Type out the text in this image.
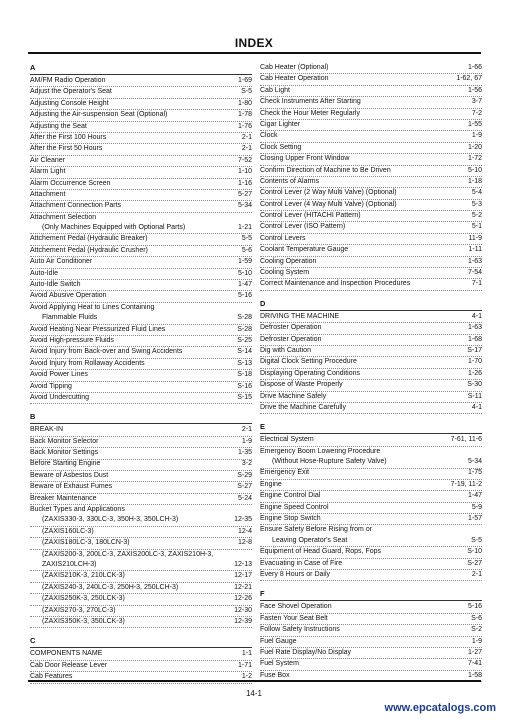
INDEX
A
AM/FM Radio Operation	1-69
Adjust the Operator's Seat	S-5
Adjusting Console Height	1-80
Adjusting the Air-suspension Seat (Optional)	1-78
Adjusting the Seat	1-76
After the First 100 Hours	2-1
After the First 50 Hours	2-1
Air Cleaner	7-52
Alarm Light	1-10
Alarm Occurrence Screen	1-16
Attachment	5-27
Attachment Connection Parts	5-34
Attachment Selection
(Only Machines Equipped with Optional Parts)	1-21
Attchement Pedal (Hydraulic Breaker)	5-5
Attchement Pedal (Hydraulic Crusher)	5-6
Auto Air Conditioner	1-59
Auto-Idle	5-10
Auto-Idle Switch	1-47
Avoid Abusive Operation	5-16
Avoid Applying Heat to Lines Containing
Flammable Fluids	S-28
Avoid Heating Near Pressurized Fluid Lines	S-28
Avoid High-pressure Fluids	S-25
Avoid Injury from Back-over and Swing Accidents	S-14
Avoid Injury from Rollaway Accidents	S-13
Avoid Power Lines	S-18
Avoid Tipping	S-16
Avoid Undercutting	S-15
B
BREAK-IN	2-1
Back Monitor Selector	1-9
Back Monitor Settings	1-35
Before Starting Engine	3-2
Beware of Asbestos Dust	S-29
Beware of Exhaust Fumes	S-27
Breaker Maintenance	5-24
Bucket Types and Applications
(ZAXIS330-3, 330LC-3, 350H-3, 350LCH-3)	12-35
(ZAXIS160LC-3)	12-4
(ZAXIS180LC-3, 180LCN-3)	12-8
(ZAXIS200-3, 200LC-3, ZAXIS200LC-3, ZAXIS210H-3,
ZAXIS210LCH-3)	12-13
(ZAXIS210K-3, 210LCK-3)	12-17
(ZAXIS240-3, 240LC-3, 250H-3, 250LCH-3)	12-21
(ZAXIS250K-3, 250LCK-3)	12-26
(ZAXIS270-3, 270LC-3)	12-30
(ZAXIS350K-3, 350LCK-3)	12-39
C
COMPONENTS NAME	1-1
Cab Door Release Lever	1-71
Cab Features	1-2
Cab Heater (Optional)	1-66
Cab Heater Operation	1-62, 67
Cab Light	1-56
Check Instruments After Starting	3-7
Check the Hour Meter Regularly	7-2
Cigar Lighter	1-55
Clock	1-9
Clock Setting	1-20
Closing Upper Front Window	1-72
Confirm Direction of Machine to Be Driven	5-10
Contents of Alarms	1-18
Control Lever (2 Way Multi Valve) (Optional)	5-4
Control Lever (4 Way Multi Valve) (Optional)	5-3
Control Lever (HITACHI Pattern)	5-2
Control Lever (ISO Pattern)	5-1
Control Levers	11-9
Coolant Temperature Gauge	1-11
Cooling Operation	1-63
Cooling System	7-54
Correct Maintenance and Inspection Procedures	7-1
D
DRIVING THE MACHINE	4-1
Defroster Operation	1-63
Defroster Operation	1-68
Dig with Caution	S-17
Digital Clock Setting Procedure	1-70
Displaying Operating Conditions	1-26
Dispose of Waste Properly	S-30
Drive Machine Safely	S-11
Drive the Machine Carefully	4-1
E
Electrical System	7-61, 11-6
Emergency Boom Lowering Procedure
(Without Hose-Rupture Safety Valve)	5-34
Emergency Exit	1-75
Engine	7-19, 11-2
Engine Control Dial	1-47
Engine Speed Control	5-9
Engine Stop Switch	1-57
Ensure Safety Before Rising from or
Leaving Operator's Seat	S-5
Equipment of Head Guard, Rops, Fops	S-10
Evacuating in Case of Fire	S-27
Every 8 Hours or Daily	2-1
F
Face Shovel Operation	5-16
Fasten Your Seat Belt	S-6
Follow Safety Instructions	S-2
Fuel Gauge	1-9
Fuel Rate Display/No Display	1-27
Fuel System	7-41
Fuse Box	1-58
14-1
www.epcatalogs.com
